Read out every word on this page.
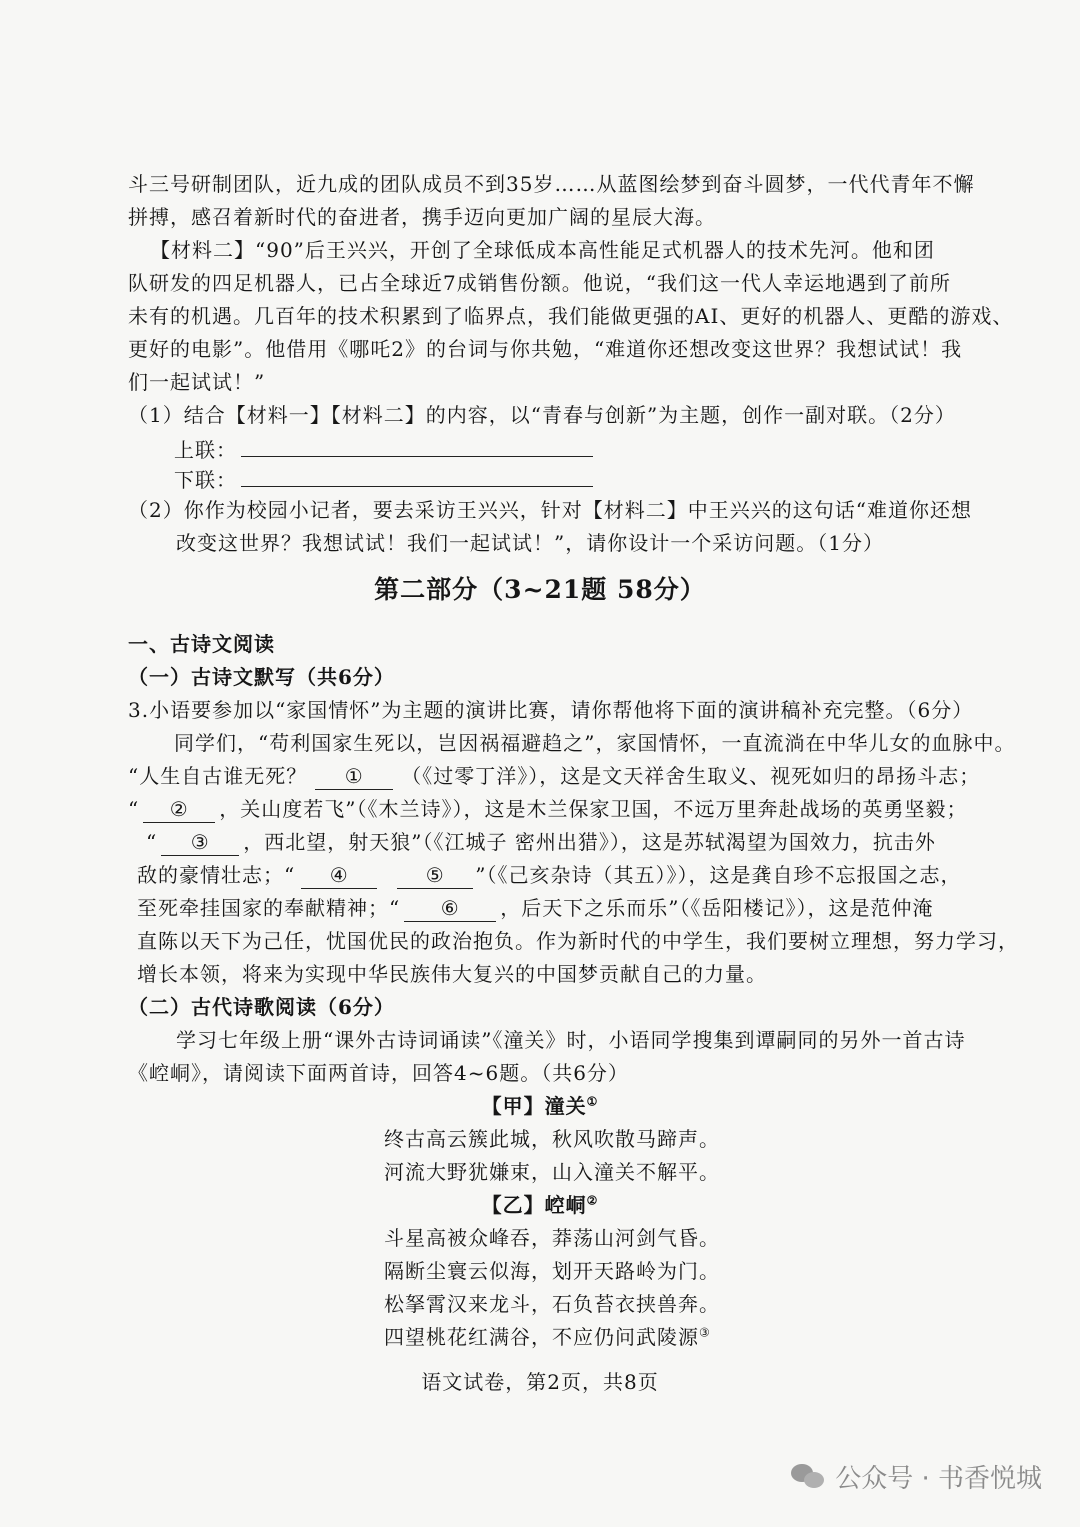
斗三号研制团队，近九成的团队成员不到35岁……从蓝图绘梦到奋斗圆梦，一代代青年不懈
拼搏，感召着新时代的奋进者，携手迈向更加广阔的星辰大海。
【材料二】“90”后王兴兴，开创了全球低成本高性能足式机器人的技术先河。他和团
队研发的四足机器人，已占全球近7成销售份额。他说，“我们这一代人幸运地遇到了前所
未有的机遇。几百年的技术积累到了临界点，我们能做更强的AI、更好的机器人、更酷的游戏、
更好的电影”。他借用《哪吒2》的台词与你共勉，“难道你还想改变这世界？我想试试！我
们一起试试！”
（1）结合【材料一】【材料二】的内容，以“青春与创新”为主题，创作一副对联。（2分）
上联：
下联：
（2）你作为校园小记者，要去采访王兴兴，针对【材料二】中王兴兴的这句话“难道你还想
改变这世界？我想试试！我们一起试试！”，请你设计一个采访问题。（1分）
第二部分（3~21题 58分）
一、古诗文阅读
（一）古诗文默写（共6分）
3.小语要参加以“家国情怀”为主题的演讲比赛，请你帮他将下面的演讲稿补充完整。（6分）
同学们，“苟利国家生死以，岂因祸福避趋之”，家国情怀，一直流淌在中华儿女的血脉中。
“人生自古谁无死？ ① （《过零丁洋》），这是文天祥舍生取义、视死如归的昂扬斗志；
“ ② ，关山度若飞”（《木兰诗》），这是木兰保家卫国，不远万里奔赴战场的英勇坚毅；
“ ③ ，西北望，射天狼”（《江城子 密州出猎》），这是苏轼渴望为国效力，抗击外
敌的豪情壮志；“ ④	⑤ ”（《己亥杂诗（其五）》），这是龚自珍不忘报国之志，
至死牵挂国家的奉献精神；“ ⑥ ，后天下之乐而乐”（《岳阳楼记》），这是范仲淹
直陈以天下为己任，忧国优民的政治抱负。作为新时代的中学生，我们要树立理想，努力学习，
增长本领，将来为实现中华民族伟大复兴的中国梦贡献自己的力量。
（二）古代诗歌阅读（6分）
学习七年级上册“课外古诗词诵读”《潼关》时，小语同学搜集到谭嗣同的另外一首古诗
《崆峒》，请阅读下面两首诗，回答4~6题。（共6分）
【甲】潼关①
终古高云簇此城，秋风吹散马蹄声。
河流大野犹嫌束，山入潼关不解平。
【乙】崆峒②
斗星高被众峰吞，莽荡山河剑气昏。
隔断尘寰云似海，划开天路岭为门。
松拏霄汉来龙斗，石负苔衣挟兽奔。
四望桃花红满谷，不应仍问武陵源③
语文试卷，第2页，共8页
公众号 · 书香悦城
